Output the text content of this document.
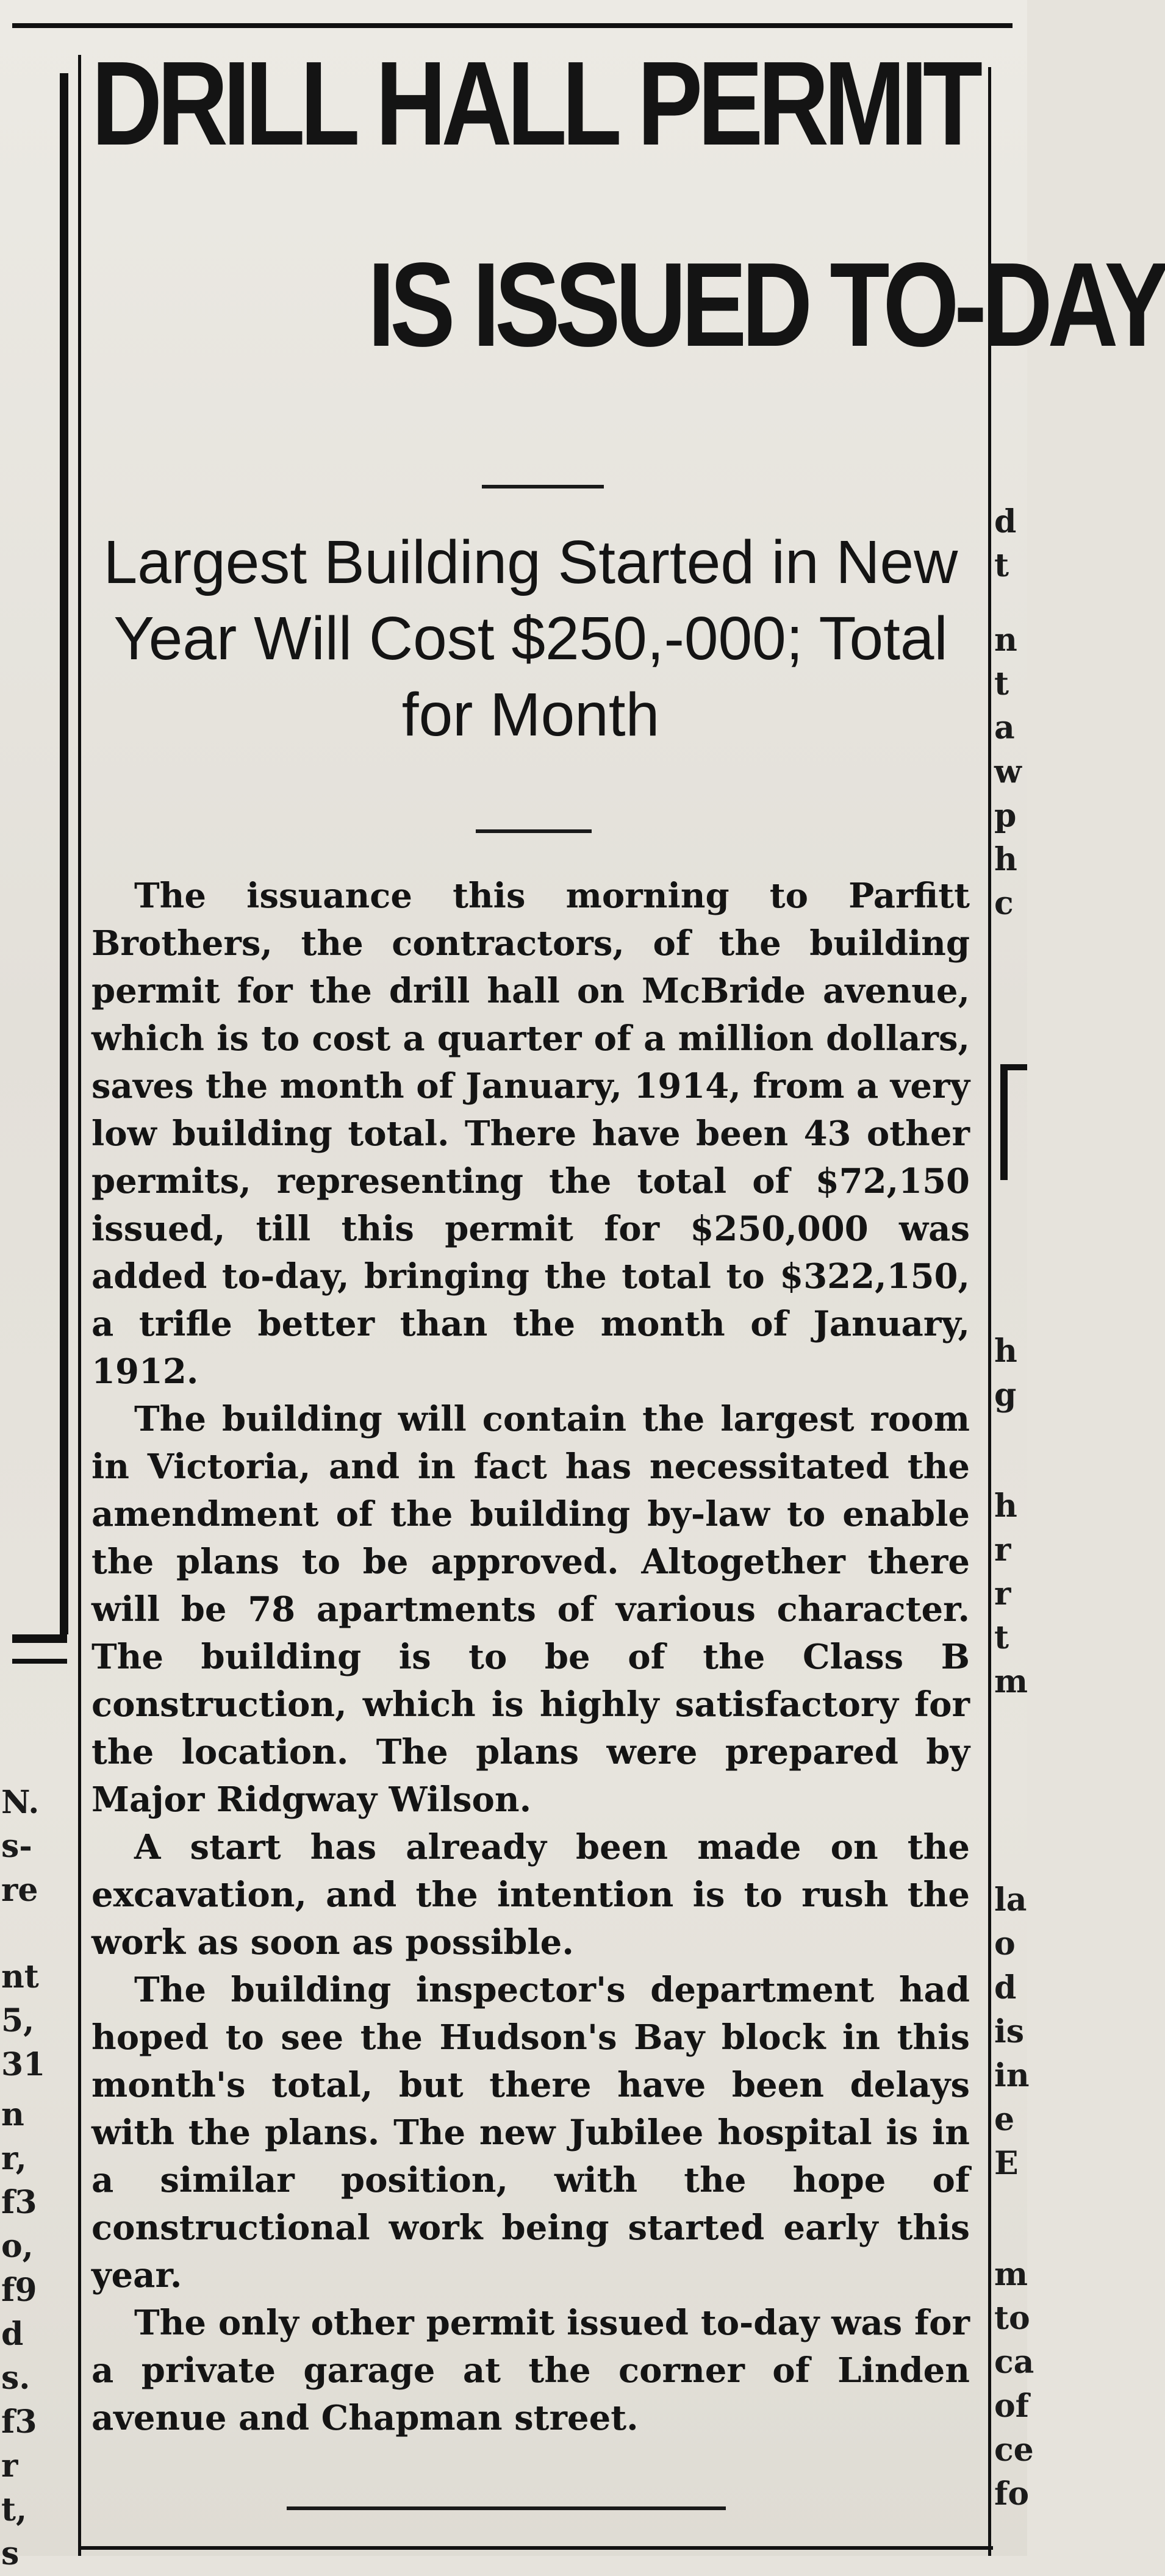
N.
s-
re
nt
5,
31
n
r,
f3
o,
f9
d
s.
f3
r
t,
s
d
t
n
t
a
w
p
h
c
h
g
h
r
r
t
m
la
o
d
is
in
e
E
m
to
ca
of
ce
fo
DRILL HALL PERMIT
IS ISSUED TO-DAY

Largest Building Started in New Year Will Cost $250,-000; Total for Month

The issuance this morning to Parfitt Brothers, the contractors, of the building permit for the drill hall on McBride avenue, which is to cost a quarter of a million dollars, saves the month of January, 1914, from a very low building total. There have been 43 other permits, representing the total of $72,150 issued, till this permit for $250,000 was added to-day, bringing the total to $322,150, a trifle better than the month of January, 1912.

The building will contain the largest room in Victoria, and in fact has necessitated the amendment of the building by-law to enable the plans to be approved. Altogether there will be 78 apartments of various character. The building is to be of the Class B construction, which is highly satisfactory for the location. The plans were prepared by Major Ridgway Wilson.

A start has already been made on the excavation, and the intention is to rush the work as soon as possible.

The building inspector's department had hoped to see the Hudson's Bay block in this month's total, but there have been delays with the plans. The new Jubilee hospital is in a similar position, with the hope of constructional work being started early this year.

The only other permit issued to-day was for a private garage at the corner of Linden avenue and Chapman street.
